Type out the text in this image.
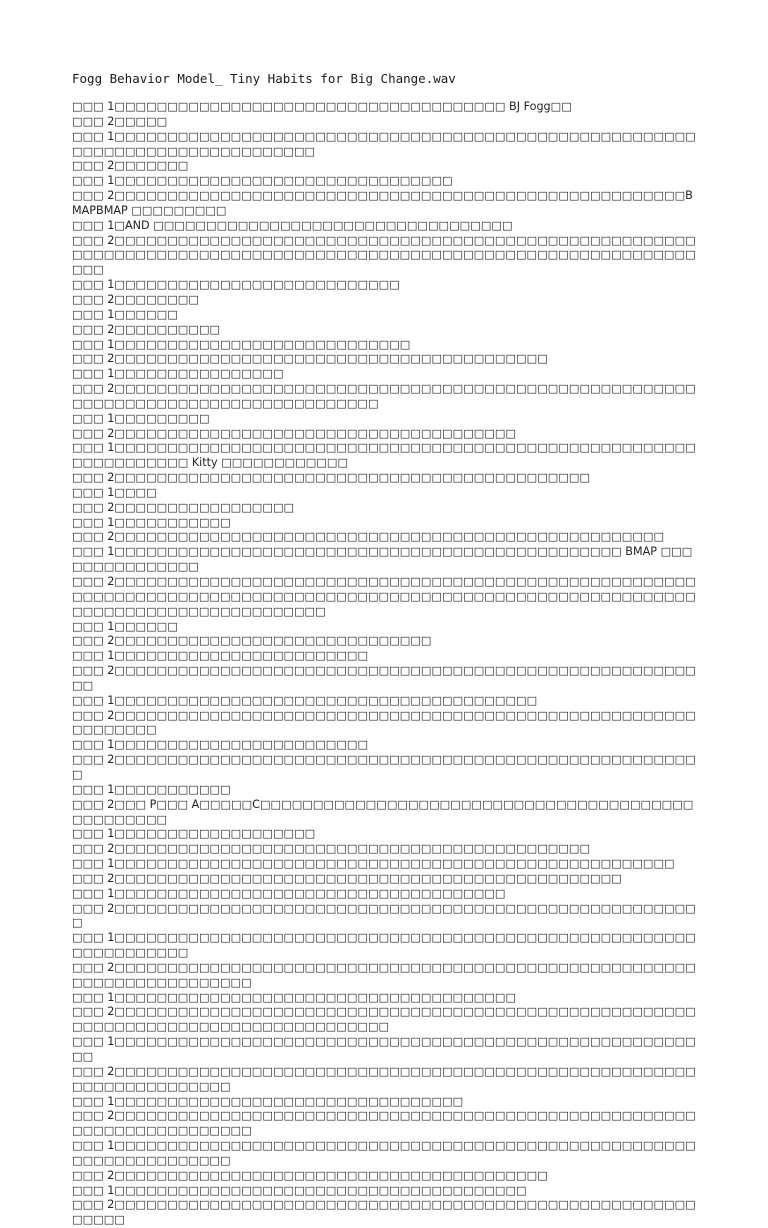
Fogg Behavior Model_ Tiny Habits for Big Change.wav
□□□ 1□□□□□□□□□□□□□□□□□□□□□□□□□□□□□□□□□□□□□ BJ Fogg□□
□□□ 2□□□□□
□□□ 1□□□□□□□□□□□□□□□□□□□□□□□□□□□□□□□□□□□□□□□□□□□□□□□□□□□□□□□□□□□□□□□□□□□□□□□□□□□□□□
□□□ 2□□□□□□□
□□□ 1□□□□□□□□□□□□□□□□□□□□□□□□□□□□□□□□
□□□ 2□□□□□□□□□□□□□□□□□□□□□□□□□□□□□□□□□□□□□□□□□□□□□□□□□□□□□□BMAPBMAP □□□□□□□□□
□□□ 1□AND □□□□□□□□□□□□□□□□□□□□□□□□□□□□□□□□□□
□□□ 2□□□□□□□□□□□□□□□□□□□□□□□□□□□□□□□□□□□□□□□□□□□□□□□□□□□□□□□□□□□□□□□□□□□□□□□□□□□□□□□□□□□□□□□□□□□□□□□□□□□□□□□□□□□□□□□□□□□□□
□□□ 1□□□□□□□□□□□□□□□□□□□□□□□□□□□
□□□ 2□□□□□□□□
□□□ 1□□□□□□
□□□ 2□□□□□□□□□□
□□□ 1□□□□□□□□□□□□□□□□□□□□□□□□□□□□
□□□ 2□□□□□□□□□□□□□□□□□□□□□□□□□□□□□□□□□□□□□□□□□
□□□ 1□□□□□□□□□□□□□□□□
□□□ 2□□□□□□□□□□□□□□□□□□□□□□□□□□□□□□□□□□□□□□□□□□□□□□□□□□□□□□□□□□□□□□□□□□□□□□□□□□□□□□□□□□□□
□□□ 1□□□□□□□□□
□□□ 2□□□□□□□□□□□□□□□□□□□□□□□□□□□□□□□□□□□□□□
□□□ 1□□□□□□□□□□□□□□□□□□□□□□□□□□□□□□□□□□□□□□□□□□□□□□□□□□□□□□□□□□□□□□□□□□ Kitty □□□□□□□□□□□□
□□□ 2□□□□□□□□□□□□□□□□□□□□□□□□□□□□□□□□□□□□□□□□□□□□□
□□□ 1□□□□
□□□ 2□□□□□□□□□□□□□□□□□
□□□ 1□□□□□□□□□□□
□□□ 2□□□□□□□□□□□□□□□□□□□□□□□□□□□□□□□□□□□□□□□□□□□□□□□□□□□□
□□□ 1□□□□□□□□□□□□□□□□□□□□□□□□□□□□□□□□□□□□□□□□□□□□□□□□ BMAP □□□□□□□□□□□□□□□
□□□ 2□□□□□□□□□□□□□□□□□□□□□□□□□□□□□□□□□□□□□□□□□□□□□□□□□□□□□□□□□□□□□□□□□□□□□□□□□□□□□□□□□□□□□□□□□□□□□□□□□□□□□□□□□□□□□□□□□□□□□□□□□□□□□□□□□□□□□□□□□□
□□□ 1□□□□□□
□□□ 2□□□□□□□□□□□□□□□□□□□□□□□□□□□□□□
□□□ 1□□□□□□□□□□□□□□□□□□□□□□□□
□□□ 2□□□□□□□□□□□□□□□□□□□□□□□□□□□□□□□□□□□□□□□□□□□□□□□□□□□□□□□□□
□□□ 1□□□□□□□□□□□□□□□□□□□□□□□□□□□□□□□□□□□□□□□□
□□□ 2□□□□□□□□□□□□□□□□□□□□□□□□□□□□□□□□□□□□□□□□□□□□□□□□□□□□□□□□□□□□□□□
□□□ 1□□□□□□□□□□□□□□□□□□□□□□□□
□□□ 2□□□□□□□□□□□□□□□□□□□□□□□□□□□□□□□□□□□□□□□□□□□□□□□□□□□□□□□□
□□□ 1□□□□□□□□□□□
□□□ 2□□□ P□□□ A□□□□□C□□□□□□□□□□□□□□□□□□□□□□□□□□□□□□□□□□□□□□□□□□□□□□□□□□
□□□ 1□□□□□□□□□□□□□□□□□□□
□□□ 2□□□□□□□□□□□□□□□□□□□□□□□□□□□□□□□□□□□□□□□□□□□□□
□□□ 1□□□□□□□□□□□□□□□□□□□□□□□□□□□□□□□□□□□□□□□□□□□□□□□□□□□□□
□□□ 2□□□□□□□□□□□□□□□□□□□□□□□□□□□□□□□□□□□□□□□□□□□□□□□□
□□□ 1□□□□□□□□□□□□□□□□□□□□□□□□□□□□□□□□□□□□□
□□□ 2□□□□□□□□□□□□□□□□□□□□□□□□□□□□□□□□□□□□□□□□□□□□□□□□□□□□□□□□
□□□ 1□□□□□□□□□□□□□□□□□□□□□□□□□□□□□□□□□□□□□□□□□□□□□□□□□□□□□□□□□□□□□□□□□□
□□□ 2□□□□□□□□□□□□□□□□□□□□□□□□□□□□□□□□□□□□□□□□□□□□□□□□□□□□□□□□□□□□□□□□□□□□□□□□
□□□ 1□□□□□□□□□□□□□□□□□□□□□□□□□□□□□□□□□□□□□□
□□□ 2□□□□□□□□□□□□□□□□□□□□□□□□□□□□□□□□□□□□□□□□□□□□□□□□□□□□□□□□□□□□□□□□□□□□□□□□□□□□□□□□□□□□□
□□□ 1□□□□□□□□□□□□□□□□□□□□□□□□□□□□□□□□□□□□□□□□□□□□□□□□□□□□□□□□□
□□□ 2□□□□□□□□□□□□□□□□□□□□□□□□□□□□□□□□□□□□□□□□□□□□□□□□□□□□□□□□□□□□□□□□□□□□□□
□□□ 1□□□□□□□□□□□□□□□□□□□□□□□□□□□□□□□□□
□□□ 2□□□□□□□□□□□□□□□□□□□□□□□□□□□□□□□□□□□□□□□□□□□□□□□□□□□□□□□□□□□□□□□□□□□□□□□□
□□□ 1□□□□□□□□□□□□□□□□□□□□□□□□□□□□□□□□□□□□□□□□□□□□□□□□□□□□□□□□□□□□□□□□□□□□□□
□□□ 2□□□□□□□□□□□□□□□□□□□□□□□□□□□□□□□□□□□□□□□□□
□□□ 1□□□□□□□□□□□□□□□□□□□□□□□□□□□□□□□□□□□□□□□
□□□ 2□□□□□□□□□□□□□□□□□□□□□□□□□□□□□□□□□□□□□□□□□□□□□□□□□□□□□□□□□□□□
